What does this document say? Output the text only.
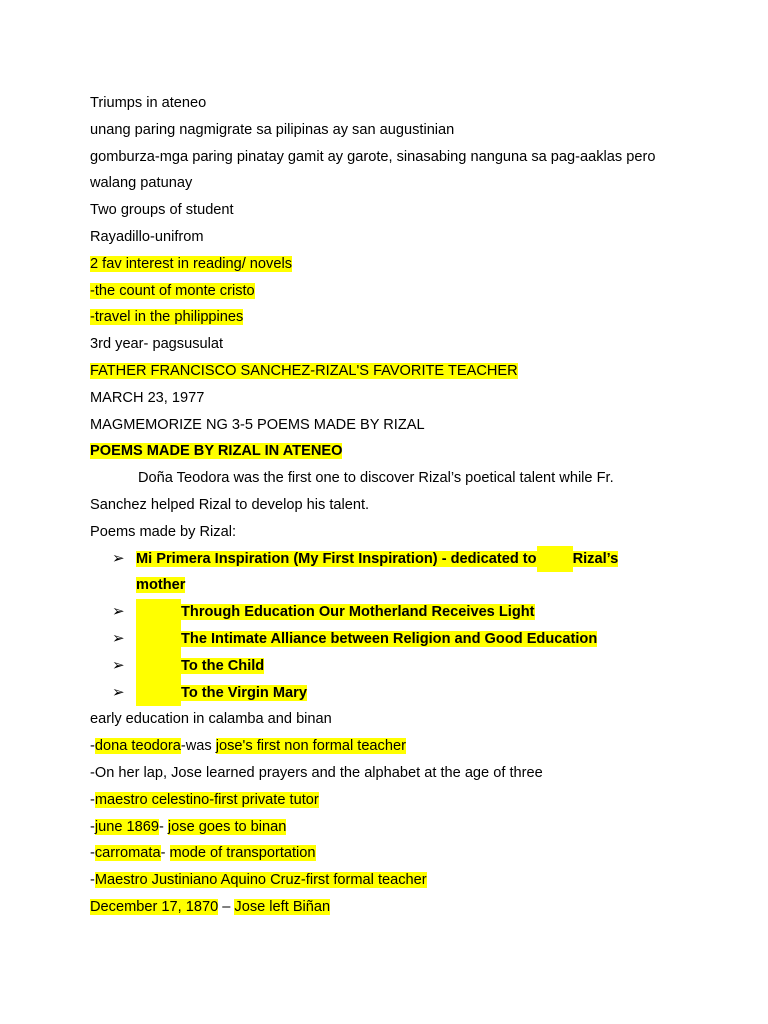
Triumps in ateneo
unang paring nagmigrate sa pilipinas ay san augustinian
gomburza-mga paring pinatay gamit ay garote, sinasabing nanguna sa pag-aaklas pero
walang patunay
Two groups of student
Rayadillo-unifrom
2 fav interest in reading/ novels
-the count of monte cristo
-travel in the philippines
3rd year- pagsusulat
FATHER FRANCISCO SANCHEZ-RIZAL'S FAVORITE TEACHER
MARCH 23, 1977
MAGMEMORIZE NG 3-5 POEMS MADE BY RIZAL
POEMS MADE BY RIZAL IN ATENEO
Doña Teodora was the first one to discover Rizal’s poetical talent while Fr.
Sanchez helped Rizal to develop his talent.
Poems made by Rizal:
➢ Mi Primera Inspiration (My First Inspiration) - dedicated to Rizal’s
mother
➢	Through Education Our Motherland Receives Light
➢	The Intimate Alliance between Religion and Good Education
➢	To the Child
➢	To the Virgin Mary
early education in calamba and binan
-dona teodora-was jose's first non formal teacher
-On her lap, Jose learned prayers and the alphabet at the age of three
-maestro celestino-first private tutor
-june 1869- jose goes to binan
-carromata- mode of transportation
-Maestro Justiniano Aquino Cruz-first formal teacher
December 17, 1870 – Jose left Biñan
